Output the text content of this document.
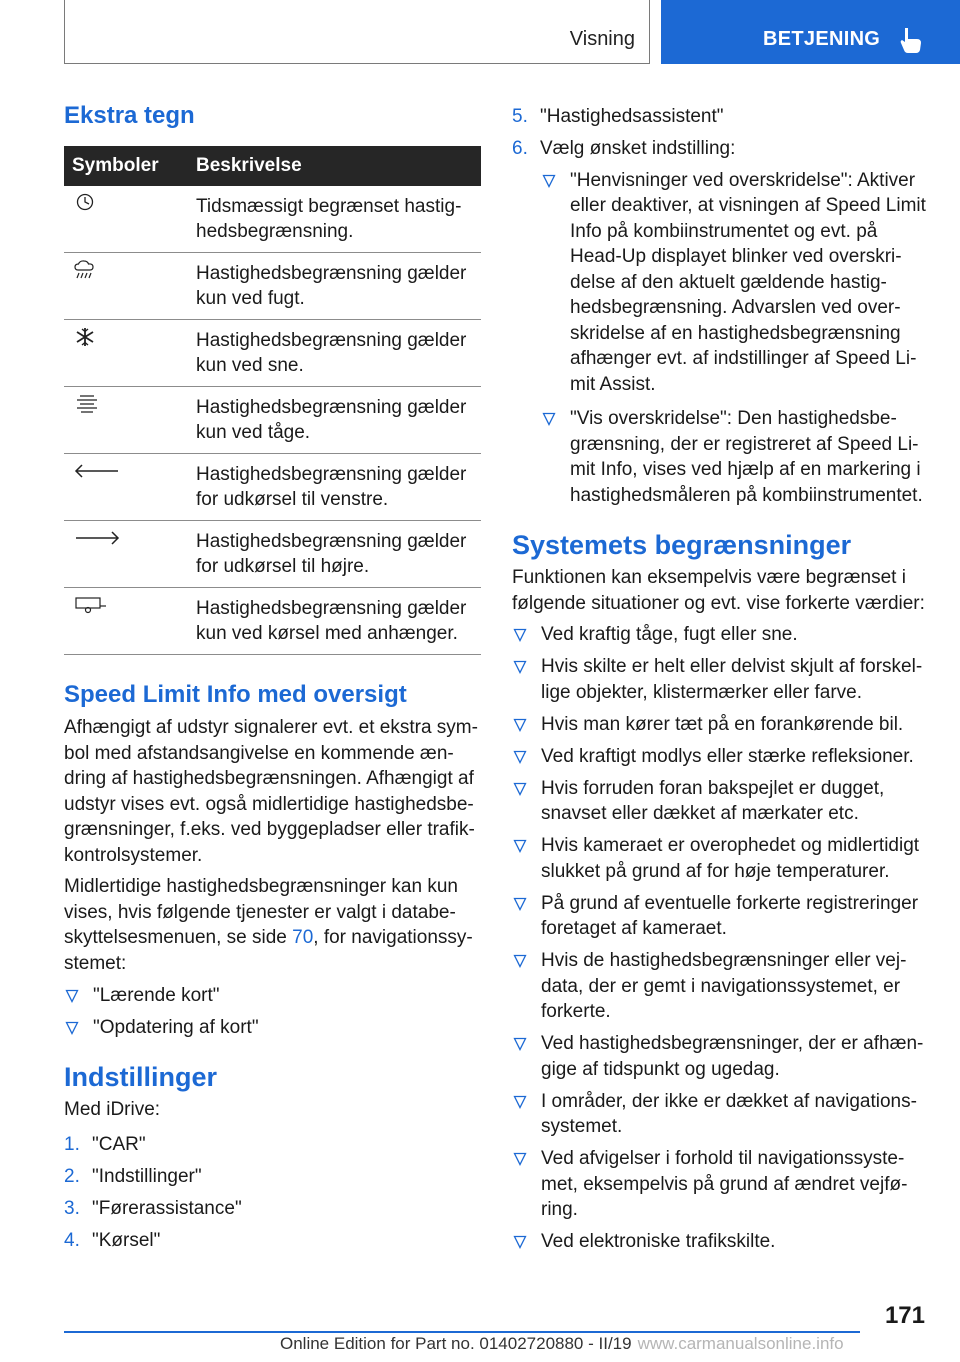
Visning	BETJENING
Ekstra tegn
Symboler	Beskrivelse

	Tidsmæssigt begrænset hastig-hedsbegrænsning.

	Hastighedsbegrænsning gælder kun ved fugt.

	Hastighedsbegrænsning gælder kun ved sne.

	Hastighedsbegrænsning gælder kun ved tåge.

	Hastighedsbegrænsning gælder for udkørsel til venstre.

	Hastighedsbegrænsning gælder for udkørsel til højre.

	Hastighedsbegrænsning gælder kun ved kørsel med anhænger.
Speed Limit Info med oversigt

Afhængigt af udstyr signalerer evt. et ekstra sym-bol med afstandsangivelse en kommende æn-dring af hastighedsbegrænsningen. Afhængigt af udstyr vises evt. også midlertidige hastighedsbe-grænsninger, f.eks. ved byggepladser eller trafik-kontrolsystemer.

Midlertidige hastighedsbegrænsninger kan kun vises, hvis følgende tjenester er valgt i databe-skyttelsesmenuen, se side 70, for navigationssy-stemet:

"Lærende kort"
"Opdatering af kort"
Indstillinger

Med iDrive:

1. "CAR"
2. "Indstillinger"
3. "Førerassistance"
4. "Kørsel"
5. "Hastighedsassistent"
6. Vælg ønsket indstilling:
"Henvisninger ved overskridelse": Aktiver eller deaktiver, at visningen af Speed Limit Info på kombiinstrumentet og evt. på Head-Up displayet blinker ved overskri-delse af den aktuelt gældende hastig-hedsbegrænsning. Advarslen ved over-skridelse af en hastighedsbegrænsning afhænger evt. af indstillinger af Speed Li-mit Assist.
"Vis overskridelse": Den hastighedsbe-grænsning, der er registreret af Speed Li-mit Info, vises ved hjælp af en markering i hastighedsmåleren på kombiinstrumentet.
Systemets begrænsninger

Funktionen kan eksempelvis være begrænset i følgende situationer og evt. vise forkerte værdier:

Ved kraftig tåge, fugt eller sne.
Hvis skilte er helt eller delvist skjult af forskel-lige objekter, klistermærker eller farve.
Hvis man kører tæt på en forankørende bil.
Ved kraftigt modlys eller stærke refleksioner.
Hvis forruden foran bakspejlet er dugget, snavset eller dækket af mærkater etc.
Hvis kameraet er overophedet og midlertidigt slukket på grund af for høje temperaturer.
På grund af eventuelle forkerte registreringer foretaget af kameraet.
Hvis de hastighedsbegrænsninger eller vej-data, der er gemt i navigationssystemet, er forkerte.
Ved hastighedsbegrænsninger, der er afhæn-gige af tidspunkt og ugedag.
I områder, der ikke er dækket af navigations-systemet.
Ved afvigelser i forhold til navigationssyste-met, eksempelvis på grund af ændret vejfø-ring.
Ved elektroniske trafikskilte.
171
Online Edition for Part no. 01402720880 - II/19 www.carmanualsonline.info
